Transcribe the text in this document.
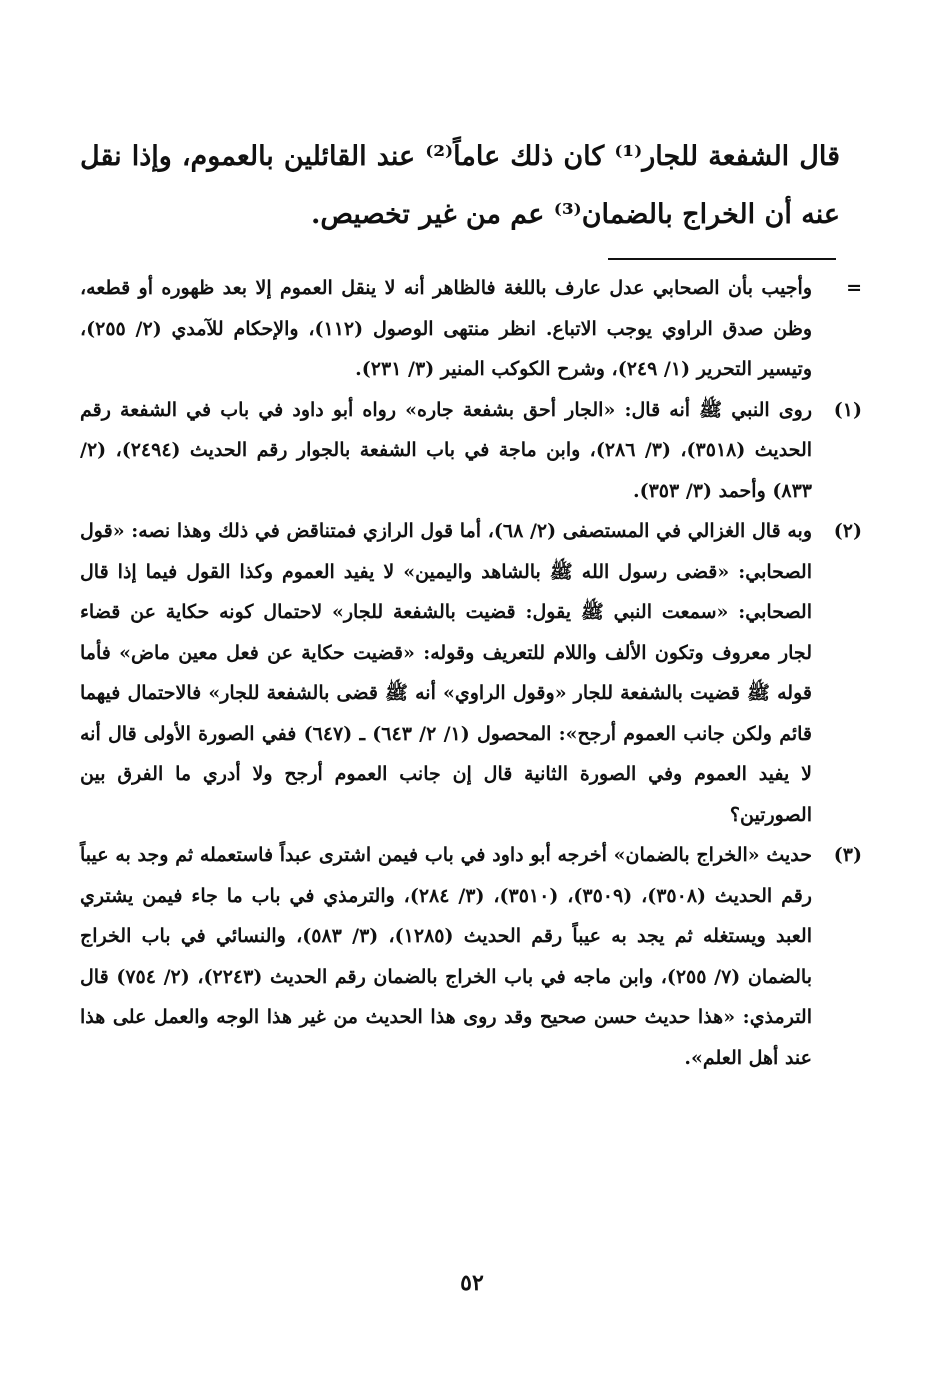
قال الشفعة للجار⁽¹⁾ كان ذلك عاماً⁽²⁾ عند القائلين بالعموم، وإذا نقل عنه أن الخراج بالضمان⁽³⁾ عم من غير تخصيص.

=
وأجيب بأن الصحابي عدل عارف باللغة فالظاهر أنه لا ينقل العموم إلا بعد ظهوره أو قطعه، وظن صدق الراوي يوجب الاتباع. انظر منتهى الوصول (١١٢)، والإحكام للآمدي (٢/ ٢٥٥)، وتيسير التحرير (١/ ٢٤٩)، وشرح الكوكب المنير (٣/ ٢٣١).
(١)
روى النبي ﷺ أنه قال: «الجار أحق بشفعة جاره» رواه أبو داود في باب في الشفعة رقم الحديث (٣٥١٨)، (٣/ ٢٨٦)، وابن ماجة في باب الشفعة بالجوار رقم الحديث (٢٤٩٤)، (٢/ ٨٣٣) وأحمد (٣/ ٣٥٣).
(٢)
وبه قال الغزالي في المستصفى (٢/ ٦٨)، أما قول الرازي فمتناقض في ذلك وهذا نصه: «قول الصحابي: «قضى رسول الله ﷺ بالشاهد واليمين» لا يفيد العموم وكذا القول فيما إذا قال الصحابي: «سمعت النبي ﷺ يقول: قضيت بالشفعة للجار» لاحتمال كونه حكاية عن قضاء لجار معروف وتكون الألف واللام للتعريف وقوله: «قضيت حكاية عن فعل معين ماض» فأما قوله ﷺ قضيت بالشفعة للجار «وقول الراوي» أنه ﷺ قضى بالشفعة للجار» فالاحتمال فيهما قائم ولكن جانب العموم أرجح»: المحصول (١/ ٢/ ٦٤٣) ـ (٦٤٧) ففي الصورة الأولى قال أنه لا يفيد العموم وفي الصورة الثانية قال إن جانب العموم أرجح ولا أدري ما الفرق بين الصورتين؟
(٣)
حديث «الخراج بالضمان» أخرجه أبو داود في باب فيمن اشترى عبداً فاستعمله ثم وجد به عيباً رقم الحديث (٣٥٠٨)، (٣٥٠٩)، (٣٥١٠)، (٣/ ٢٨٤)، والترمذي في باب ما جاء فيمن يشتري العبد ويستغله ثم يجد به عيباً رقم الحديث (١٢٨٥)، (٣/ ٥٨٣)، والنسائي في باب الخراج بالضمان (٧/ ٢٥٥)، وابن ماجه في باب الخراج بالضمان رقم الحديث (٢٢٤٣)، (٢/ ٧٥٤) قال الترمذي: «هذا حديث حسن صحيح وقد روى هذا الحديث من غير هذا الوجه والعمل على هذا عند أهل العلم».
٥٢
